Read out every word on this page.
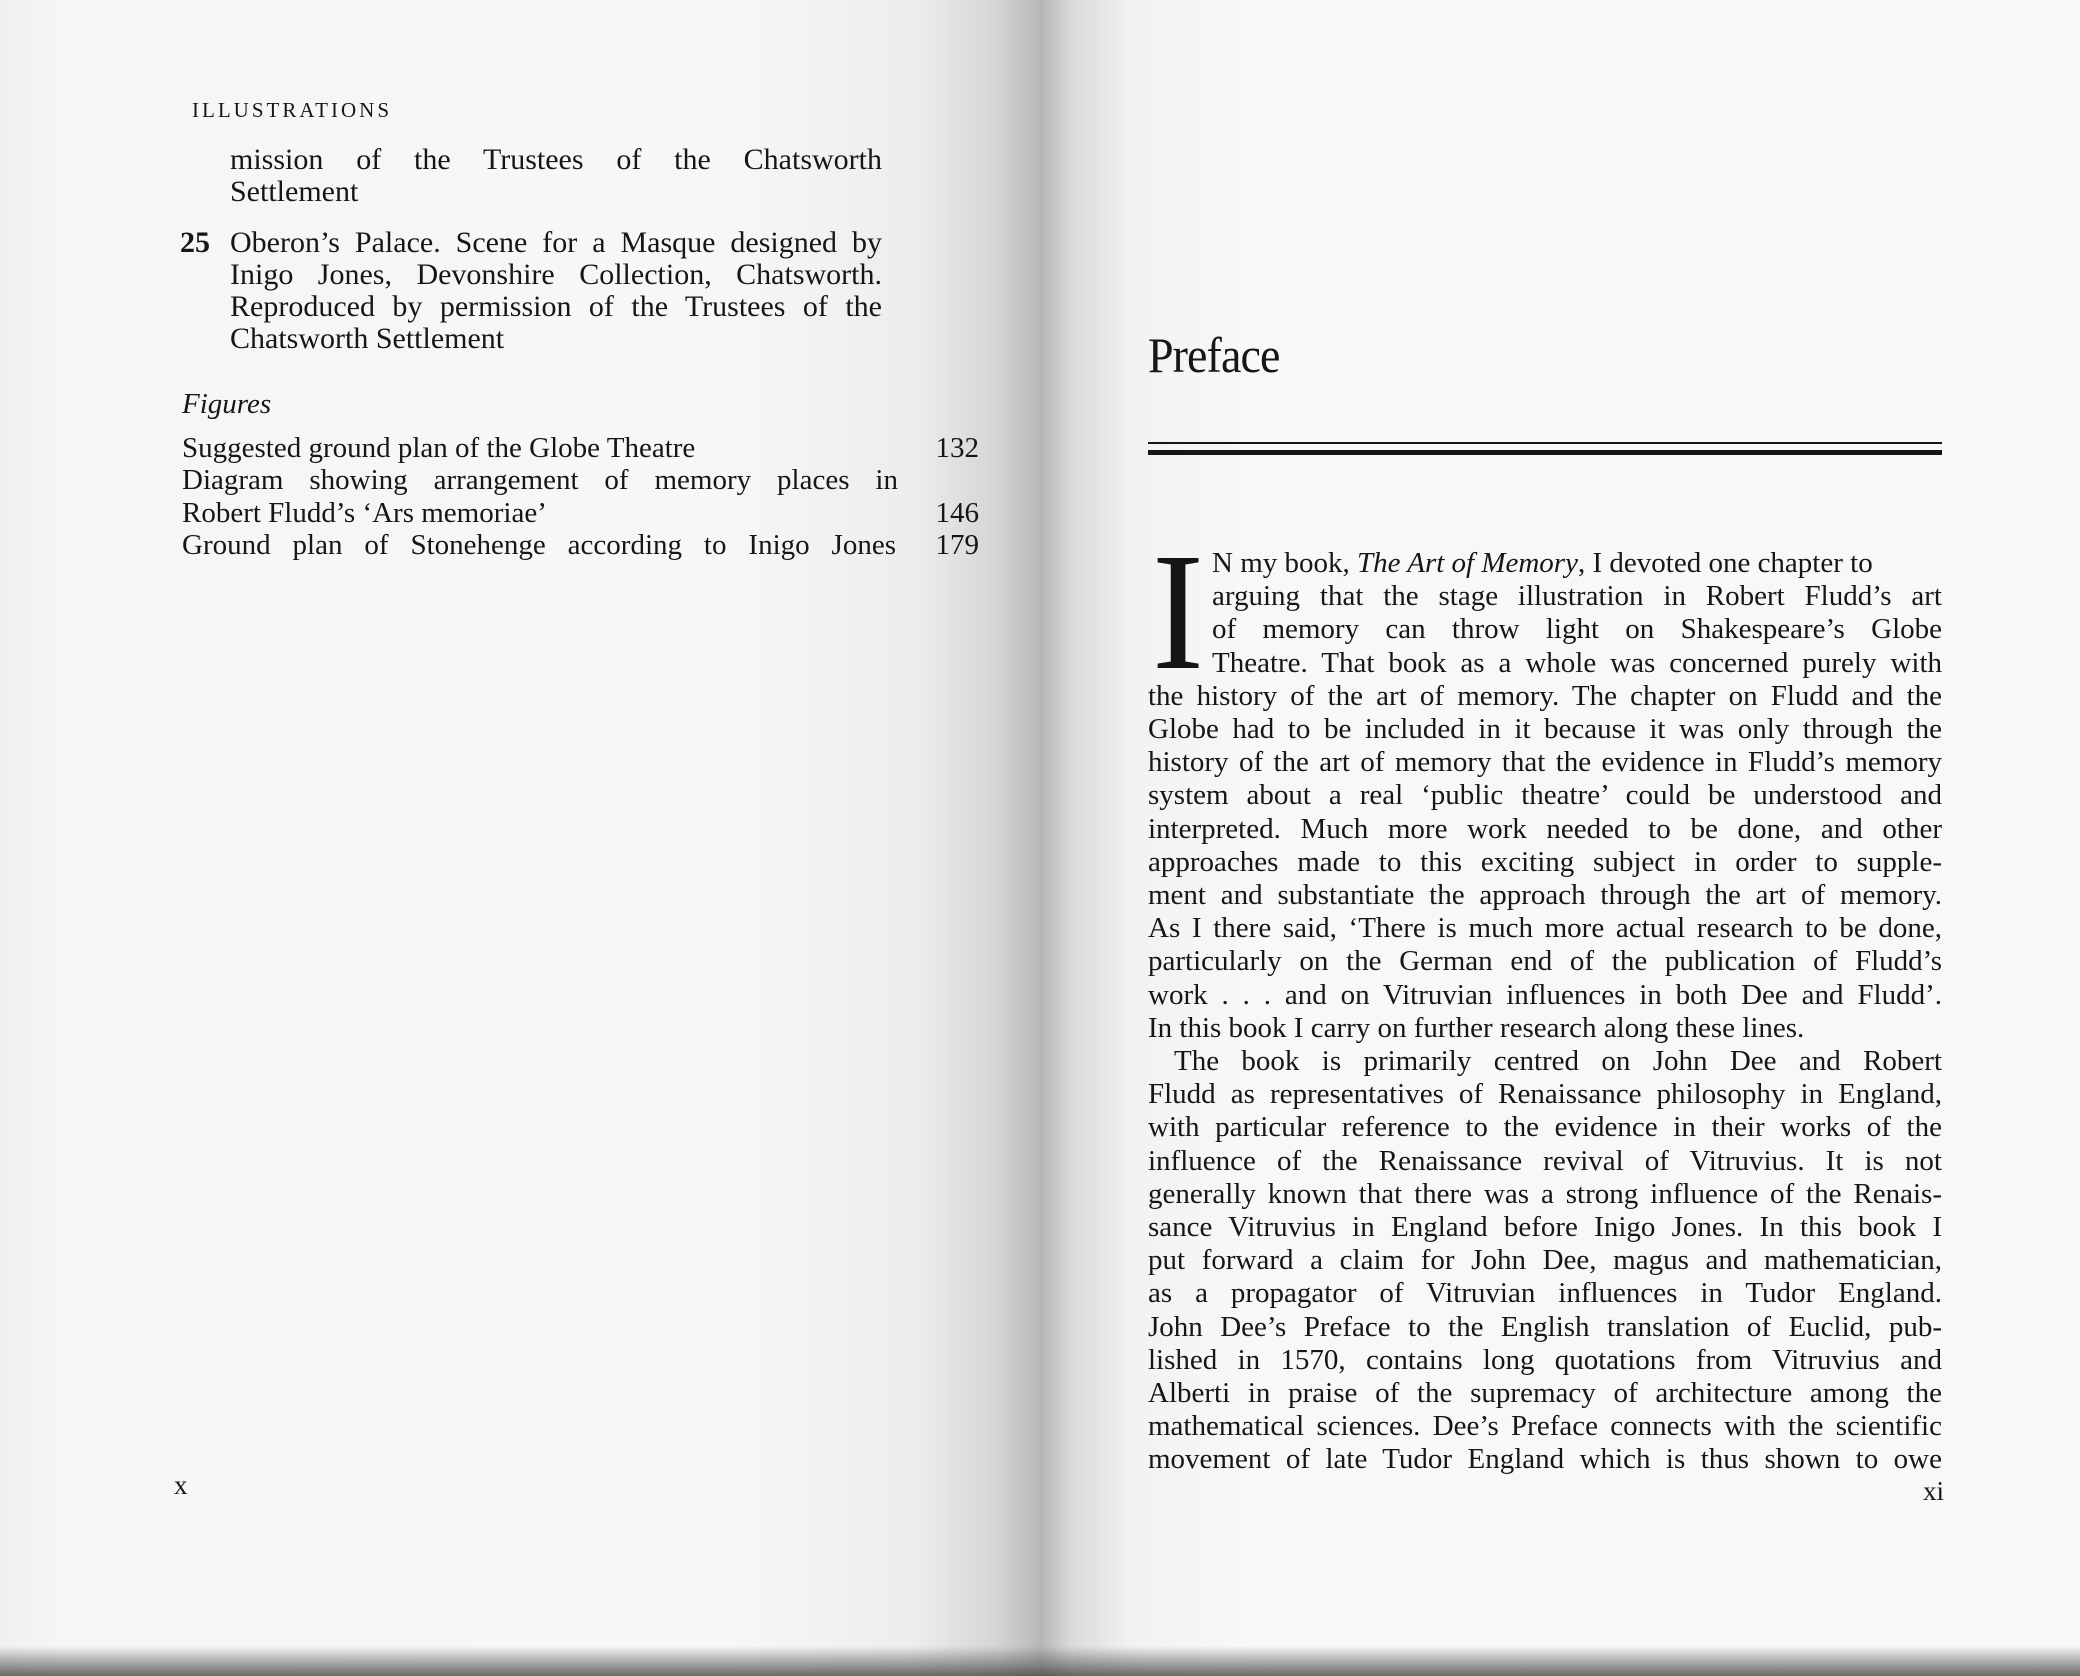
ILLUSTRATIONS
mission of the Trustees of the Chatsworth
Settlement
25 Oberon’s Palace. Scene for a Masque designed by
Inigo Jones, Devonshire Collection, Chatsworth.
Reproduced by permission of the Trustees of the
Chatsworth Settlement
Figures
Suggested ground plan of the Globe Theatre	132
Diagram showing arrangement of memory places in
Robert Fludd’s ‘Ars memoriae’	146
Ground plan of Stonehenge according to Inigo Jones 179
x
Preface
I N my book, The Art of Memory, I devoted one chapter to
arguing that the stage illustration in Robert Fludd’s art
of memory can throw light on Shakespeare’s Globe
Theatre. That book as a whole was concerned purely with
the history of the art of memory. The chapter on Fludd and the
Globe had to be included in it because it was only through the
history of the art of memory that the evidence in Fludd’s memory
system about a real ‘public theatre’ could be understood and
interpreted. Much more work needed to be done, and other
approaches made to this exciting subject in order to supple-
ment and substantiate the approach through the art of memory.
As I there said, ‘There is much more actual research to be done,
particularly on the German end of the publication of Fludd’s
work . . . and on Vitruvian influences in both Dee and Fludd’.
In this book I carry on further research along these lines.
The book is primarily centred on John Dee and Robert
Fludd as representatives of Renaissance philosophy in England,
with particular reference to the evidence in their works of the
influence of the Renaissance revival of Vitruvius. It is not
generally known that there was a strong influence of the Renais-
sance Vitruvius in England before Inigo Jones. In this book I
put forward a claim for John Dee, magus and mathematician,
as a propagator of Vitruvian influences in Tudor England.
John Dee’s Preface to the English translation of Euclid, pub-
lished in 1570, contains long quotations from Vitruvius and
Alberti in praise of the supremacy of architecture among the
mathematical sciences. Dee’s Preface connects with the scientific
movement of late Tudor England which is thus shown to owe
xi
